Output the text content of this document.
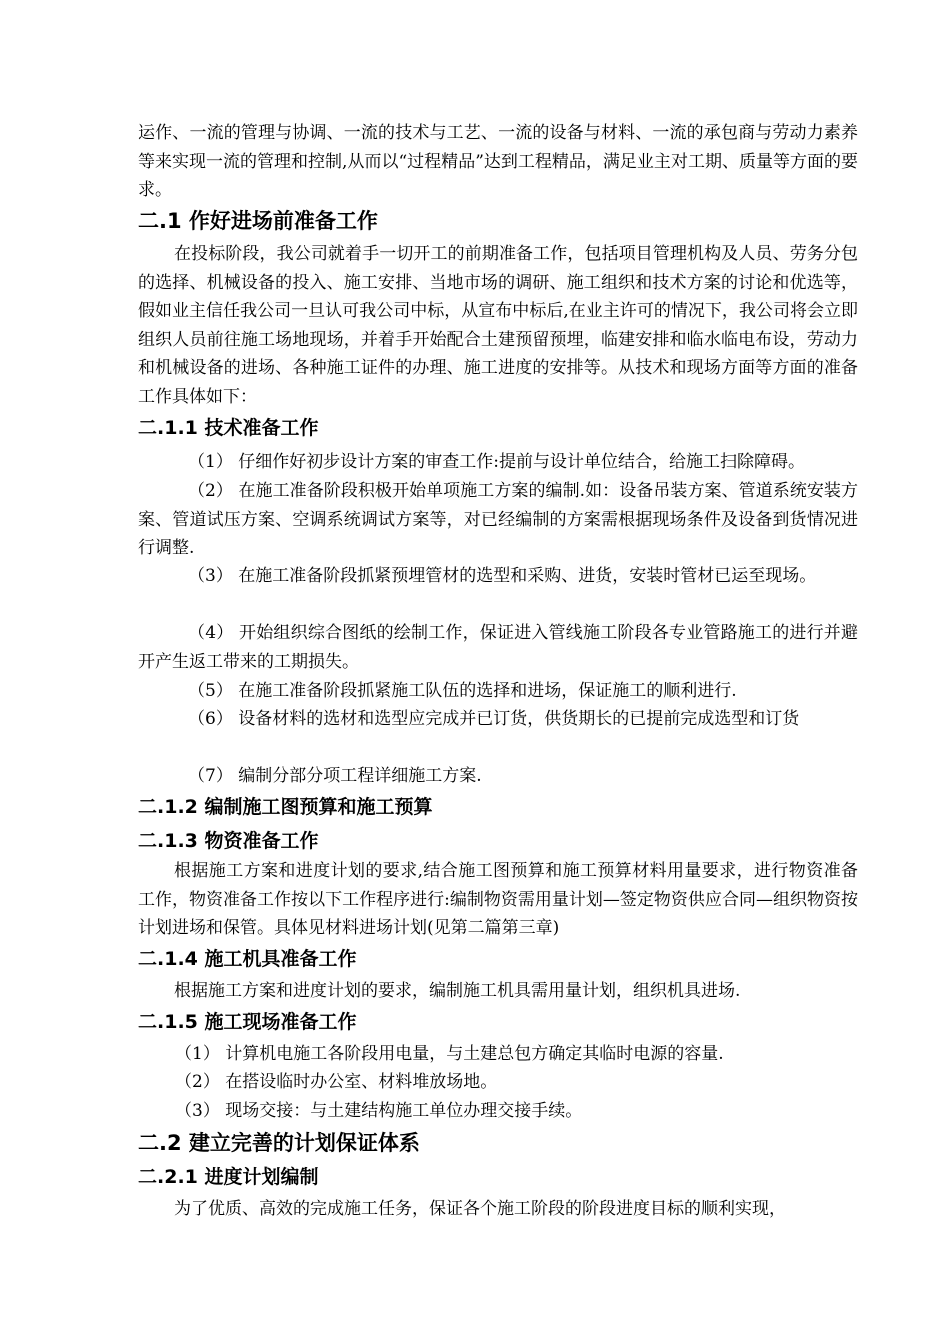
运作、一流的管理与协调、一流的技术与工艺、一流的设备与材料、一流的承包商与劳动力素养等来实现一流的管理和控制,从而以“过程精品”达到工程精品，满足业主对工期、质量等方面的要求。

二.1 作好进场前准备工作

在投标阶段，我公司就着手一切开工的前期准备工作，包括项目管理机构及人员、劳务分包的选择、机械设备的投入、施工安排、当地市场的调研、施工组织和技术方案的讨论和优选等，假如业主信任我公司一旦认可我公司中标，从宣布中标后,在业主许可的情况下，我公司将会立即组织人员前往施工场地现场，并着手开始配合土建预留预埋，临建安排和临水临电布设，劳动力和机械设备的进场、各种施工证件的办理、施工进度的安排等。从技术和现场方面等方面的准备工作具体如下：

二.1.1 技术准备工作

（1） 仔细作好初步设计方案的审查工作:提前与设计单位结合，给施工扫除障碍。

（2） 在施工准备阶段积极开始单项施工方案的编制.如：设备吊装方案、管道系统安装方案、管道试压方案、空调系统调试方案等，对已经编制的方案需根据现场条件及设备到货情况进行调整.

（3） 在施工准备阶段抓紧预埋管材的选型和采购、进货，安装时管材已运至现场。

（4） 开始组织综合图纸的绘制工作，保证进入管线施工阶段各专业管路施工的进行并避开产生返工带来的工期损失。

（5） 在施工准备阶段抓紧施工队伍的选择和进场，保证施工的顺利进行.

（6） 设备材料的选材和选型应完成并已订货，供货期长的已提前完成选型和订货

（7） 编制分部分项工程详细施工方案.

二.1.2 编制施工图预算和施工预算
二.1.3 物资准备工作

根据施工方案和进度计划的要求,结合施工图预算和施工预算材料用量要求，进行物资准备工作，物资准备工作按以下工作程序进行:编制物资需用量计划—签定物资供应合同—组织物资按计划进场和保管。具体见材料进场计划(见第二篇第三章)

二.1.4 施工机具准备工作

根据施工方案和进度计划的要求，编制施工机具需用量计划，组织机具进场.

二.1.5 施工现场准备工作

（1） 计算机电施工各阶段用电量，与土建总包方确定其临时电源的容量.

（2） 在搭设临时办公室、材料堆放场地。

（3） 现场交接：与土建结构施工单位办理交接手续。

二.2 建立完善的计划保证体系
二.2.1 进度计划编制

为了优质、高效的完成施工任务，保证各个施工阶段的阶段进度目标的顺利实现，
